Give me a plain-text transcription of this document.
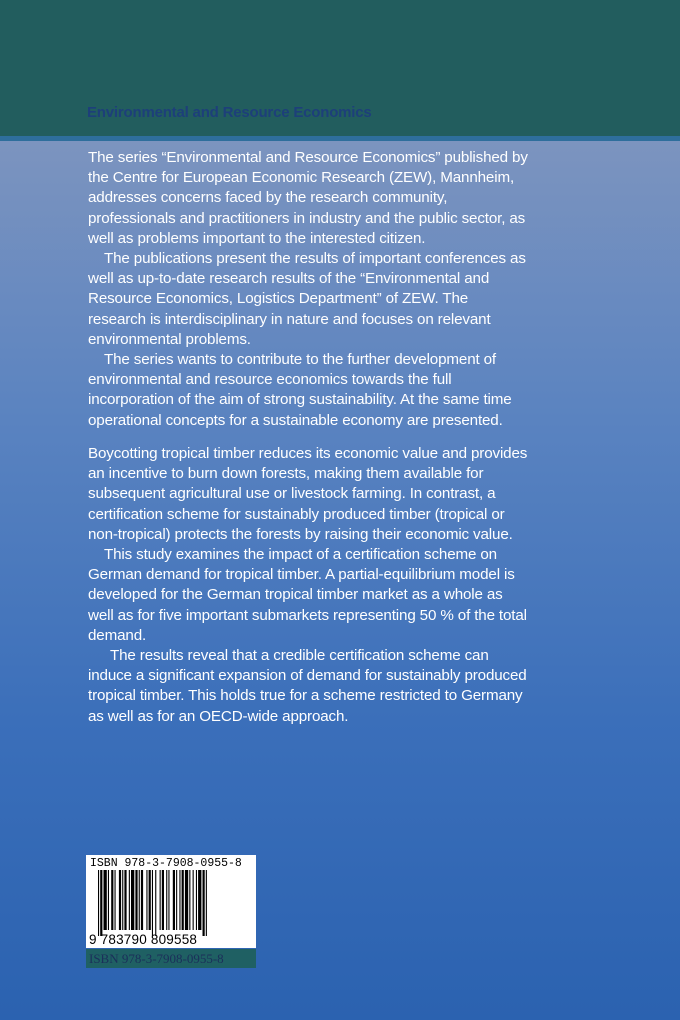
Environmental and Resource Economics

The series “Environmental and Resource Economics” published by the Centre for European Economic Research (ZEW), Mannheim, addresses concerns faced by the research community, professionals and practitioners in industry and the public sector, as well as problems important to the interested citizen.

The publications present the results of important conferences as well as up-to-date research results of the “Environmental and Resource Economics, Logistics Department” of ZEW. The research is interdisciplinary in nature and focuses on relevant environmental problems.

The series wants to contribute to the further development of environmental and resource economics towards the full incorporation of the aim of strong sustainability. At the same time operational concepts for a sustainable economy are presented.

Boycotting tropical timber reduces its economic value and provides an incentive to burn down forests, making them available for subsequent agricultural use or livestock farming. In contrast, a certification scheme for sustainably produced timber (tropical or non-tropical) protects the forests by raising their economic value.

This study examines the impact of a certification scheme on German demand for tropical timber. A partial-equilibrium model is developed for the German tropical timber market as a whole as well as for five important submarkets representing 50 % of the total demand.

The results reveal that a credible certification scheme can induce a significant expansion of demand for sustainably produced tropical timber. This holds true for a scheme restricted to Germany as well as for an OECD-wide approach.

ISBN 978-3-7908-0955-8
9 783790 809558
ISBN 978-3-7908-0955-8
